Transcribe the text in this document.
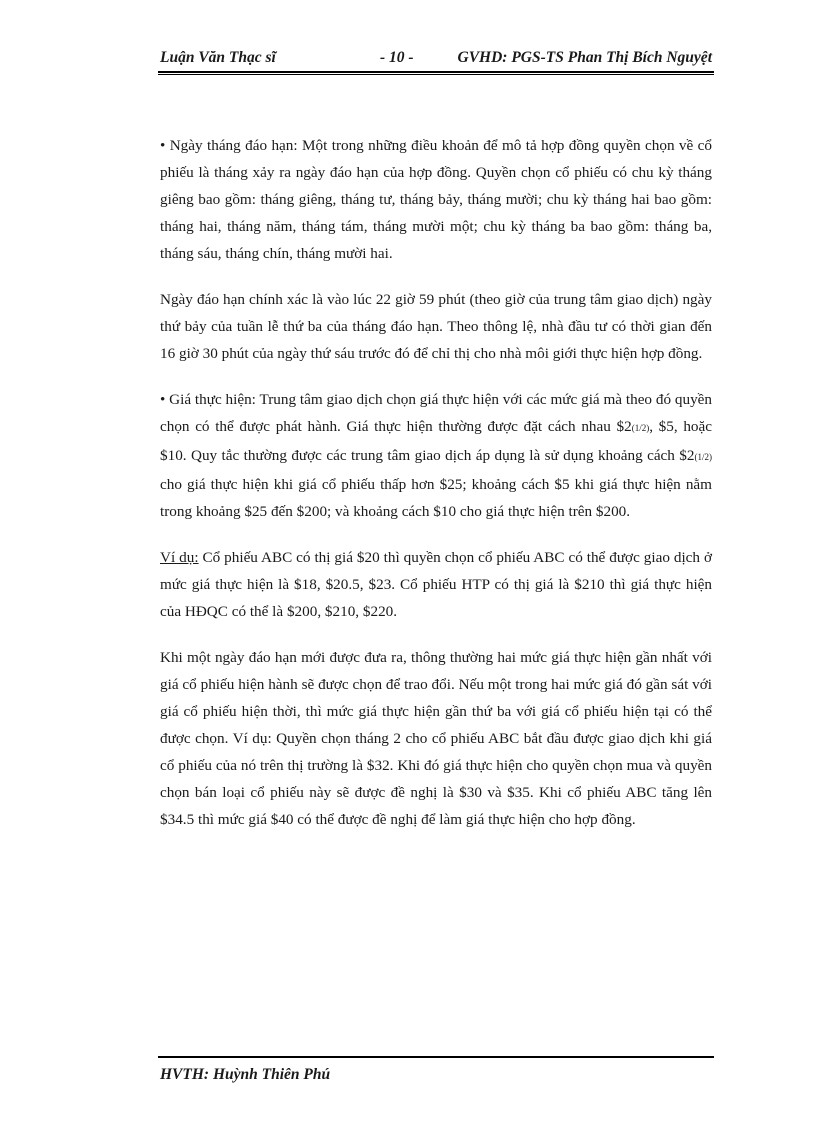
Luận Văn Thạc sĩ	- 10 -	GVHD: PGS-TS Phan Thị Bích Nguyệt

• Ngày tháng đáo hạn: Một trong những điều khoản để mô tả hợp đồng quyền chọn về cổ phiếu là tháng xảy ra ngày đáo hạn của hợp đồng. Quyền chọn cổ phiếu có chu kỳ tháng giêng bao gồm: tháng giêng, tháng tư, tháng bảy, tháng mười; chu kỳ tháng hai bao gồm: tháng hai, tháng năm, tháng tám, tháng mười một; chu kỳ tháng ba bao gồm: tháng ba, tháng sáu, tháng chín, tháng mười hai.

Ngày đáo hạn chính xác là vào lúc 22 giờ 59 phút (theo giờ của trung tâm giao dịch) ngày thứ bảy của tuần lễ thứ ba của tháng đáo hạn. Theo thông lệ, nhà đầu tư có thời gian đến 16 giờ 30 phút của ngày thứ sáu trước đó để chỉ thị cho nhà môi giới thực hiện hợp đồng.

• Giá thực hiện: Trung tâm giao dịch chọn giá thực hiện với các mức giá mà theo đó quyền chọn có thể được phát hành. Giá thực hiện thường được đặt cách nhau $2(1/2), $5, hoặc $10. Quy tắc thường được các trung tâm giao dịch áp dụng là sử dụng khoảng cách $2(1/2) cho giá thực hiện khi giá cổ phiếu thấp hơn $25; khoảng cách $5 khi giá thực hiện nằm trong khoảng $25 đến $200; và khoảng cách $10 cho giá thực hiện trên $200.

Ví dụ: Cổ phiếu ABC có thị giá $20 thì quyền chọn cổ phiếu ABC có thể được giao dịch ở mức giá thực hiện là $18, $20.5, $23. Cổ phiếu HTP có thị giá là $210 thì giá thực hiện của HĐQC có thể là $200, $210, $220.

Khi một ngày đáo hạn mới được đưa ra, thông thường hai mức giá thực hiện gần nhất với giá cổ phiếu hiện hành sẽ được chọn để trao đổi. Nếu một trong hai mức giá đó gần sát với giá cổ phiếu hiện thời, thì mức giá thực hiện gần thứ ba với giá cổ phiếu hiện tại có thể được chọn. Ví dụ: Quyền chọn tháng 2 cho cổ phiếu ABC bắt đầu được giao dịch khi giá cổ phiếu của nó trên thị trường là $32. Khi đó giá thực hiện cho quyền chọn mua và quyền chọn bán loại cổ phiếu này sẽ được đề nghị là $30 và $35. Khi cổ phiếu ABC tăng lên $34.5 thì mức giá $40 có thể được đề nghị để làm giá thực hiện cho hợp đồng.

HVTH: Huỳnh Thiên Phú
